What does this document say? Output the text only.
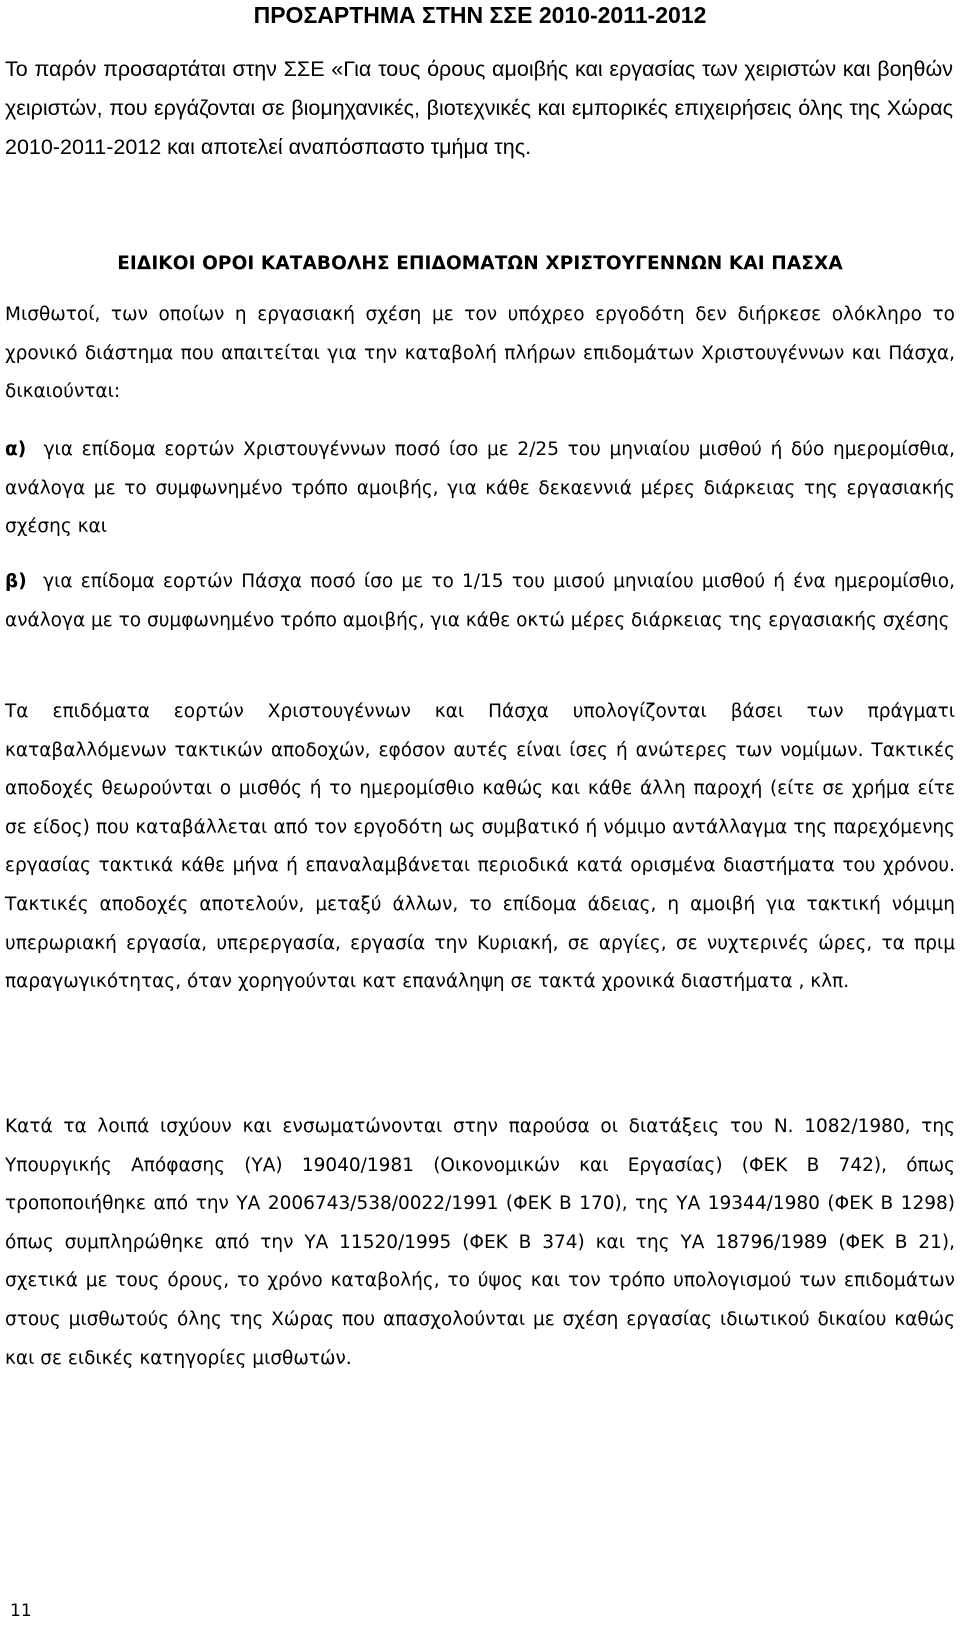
ΠΡΟΣΑΡΤΗΜΑ ΣΤΗΝ ΣΣΕ 2010-2011-2012

Το παρόν προσαρτάται στην ΣΣΕ «Για τους όρους αμοιβής και εργασίας των χειριστών και βοηθών χειριστών, που εργάζονται σε βιομηχανικές, βιοτεχνικές και εμπορικές επιχειρήσεις όλης της Χώρας 2010-2011-2012 και αποτελεί αναπόσπαστο τμήμα της.

ΕΙΔΙΚΟΙ ΟΡΟΙ ΚΑΤΑΒΟΛΗΣ ΕΠΙΔΟΜΑΤΩΝ ΧΡΙΣΤΟΥΓΕΝΝΩΝ ΚΑΙ ΠΑΣΧΑ

Μισθωτοί, των οποίων η εργασιακή σχέση με τον υπόχρεο εργοδότη δεν διήρκεσε ολόκληρο το χρονικό διάστημα που απαιτείται για την καταβολή πλήρων επιδομάτων Χριστουγέννων και Πάσχα, δικαιούνται:

α) για επίδομα εορτών Χριστουγέννων ποσό ίσο με 2/25 του μηνιαίου μισθού ή δύο ημερομίσθια, ανάλογα με το συμφωνημένο τρόπο αμοιβής, για κάθε δεκαεννιά μέρες διάρκειας της εργασιακής σχέσης και

β) για επίδομα εορτών Πάσχα ποσό ίσο με το 1/15 του μισού μηνιαίου μισθού ή ένα ημερομίσθιο, ανάλογα με το συμφωνημένο τρόπο αμοιβής, για κάθε οκτώ μέρες διάρκειας της εργασιακής σχέσης

Τα επιδόματα εορτών Χριστουγέννων και Πάσχα υπολογίζονται βάσει των πράγματι καταβαλλόμενων τακτικών αποδοχών, εφόσον αυτές είναι ίσες ή ανώτερες των νομίμων. Τακτικές αποδοχές θεωρούνται ο μισθός ή το ημερομίσθιο καθώς και κάθε άλλη παροχή (είτε σε χρήμα είτε σε είδος) που καταβάλλεται από τον εργοδότη ως συμβατικό ή νόμιμο αντάλλαγμα της παρεχόμενης εργασίας τακτικά κάθε μήνα ή επαναλαμβάνεται περιοδικά κατά ορισμένα διαστήματα του χρόνου. Τακτικές αποδοχές αποτελούν, μεταξύ άλλων, το επίδομα άδειας, η αμοιβή για τακτική νόμιμη υπερωριακή εργασία, υπερεργασία, εργασία την Κυριακή, σε αργίες, σε νυχτερινές ώρες, τα πριμ παραγωγικότητας, όταν χορηγούνται κατ επανάληψη σε τακτά χρονικά διαστήματα , κλπ.

Κατά τα λοιπά ισχύουν και ενσωματώνονται στην παρούσα οι διατάξεις του Ν. 1082/1980, της Υπουργικής Απόφασης (ΥΑ) 19040/1981 (Οικονομικών και Εργασίας) (ΦΕΚ Β 742), όπως τροποποιήθηκε από την ΥΑ 2006743/538/0022/1991 (ΦΕΚ Β 170), της ΥΑ 19344/1980 (ΦΕΚ Β 1298) όπως συμπληρώθηκε από την ΥΑ 11520/1995 (ΦΕΚ Β 374) και της ΥΑ 18796/1989 (ΦΕΚ Β 21), σχετικά με τους όρους, το χρόνο καταβολής, το ύψος και τον τρόπο υπολογισμού των επιδομάτων στους μισθωτούς όλης της Χώρας που απασχολούνται με σχέση εργασίας ιδιωτικού δικαίου καθώς και σε ειδικές κατηγορίες μισθωτών.

11
